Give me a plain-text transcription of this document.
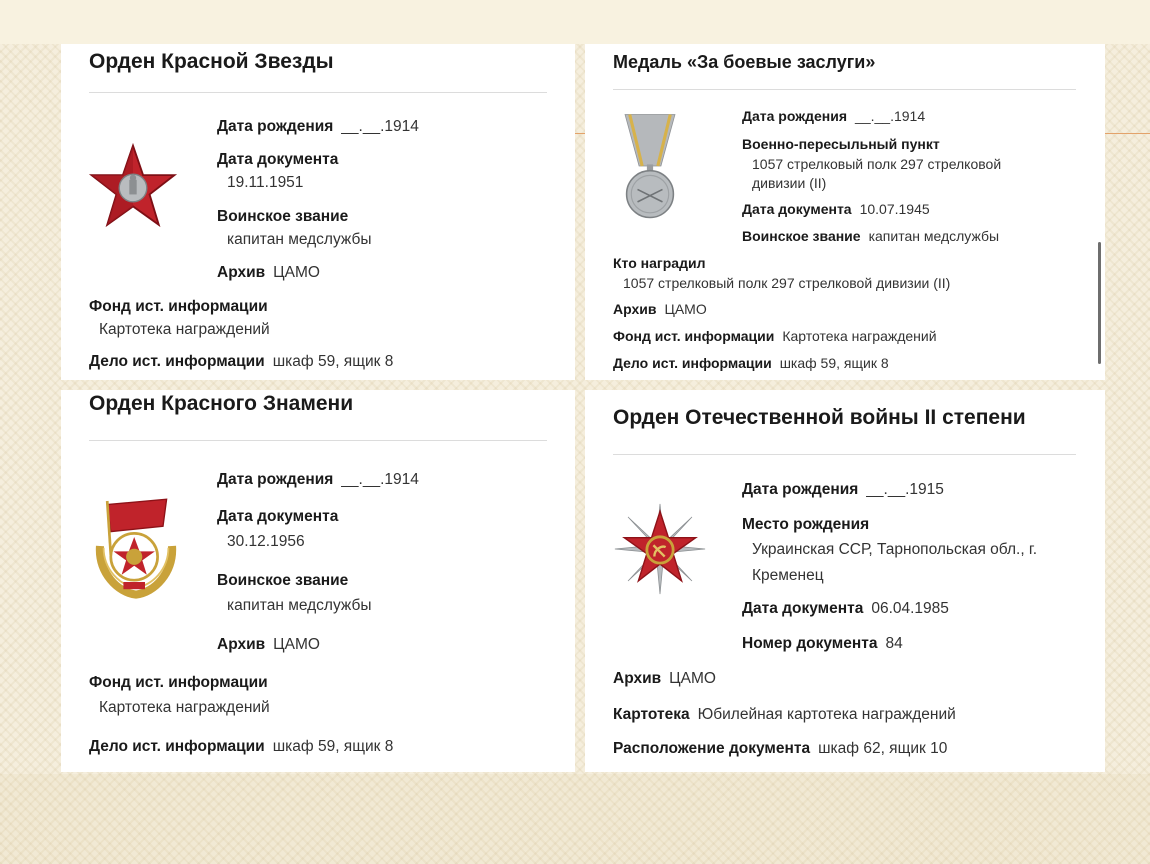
Орден Красной Звезды
Дата рождения __.__.1914
Дата документа
19.11.1951
Воинское звание
капитан медслужбы
Архив ЦАМО
Фонд ист. информации
Картотека награждений
Дело ист. информации шкаф 59, ящик 8
Медаль «За боевые заслуги»
Дата рождения __.__.1914
Военно-пересыльный пункт
1057 стрелковый полк 297 стрелковой
дивизии (II)
Дата документа 10.07.1945
Воинское звание капитан медслужбы
Кто наградил
1057 стрелковый полк 297 стрелковой дивизии (II)
Архив ЦАМО
Фонд ист. информации Картотека награждений
Дело ист. информации шкаф 59, ящик 8
Орден Красного Знамени
Дата рождения __.__.1914
Дата документа
30.12.1956
Воинское звание
капитан медслужбы
Архив ЦАМО
Фонд ист. информации
Картотека награждений
Дело ист. информации шкаф 59, ящик 8
Орден Отечественной войны II степени
Дата рождения __.__.1915
Место рождения
Украинская ССР, Тарнопольская обл., г.
Кременец
Дата документа 06.04.1985
Номер документа 84
Архив ЦАМО
Картотека Юбилейная картотека награждений
Расположение документа шкаф 62, ящик 10
